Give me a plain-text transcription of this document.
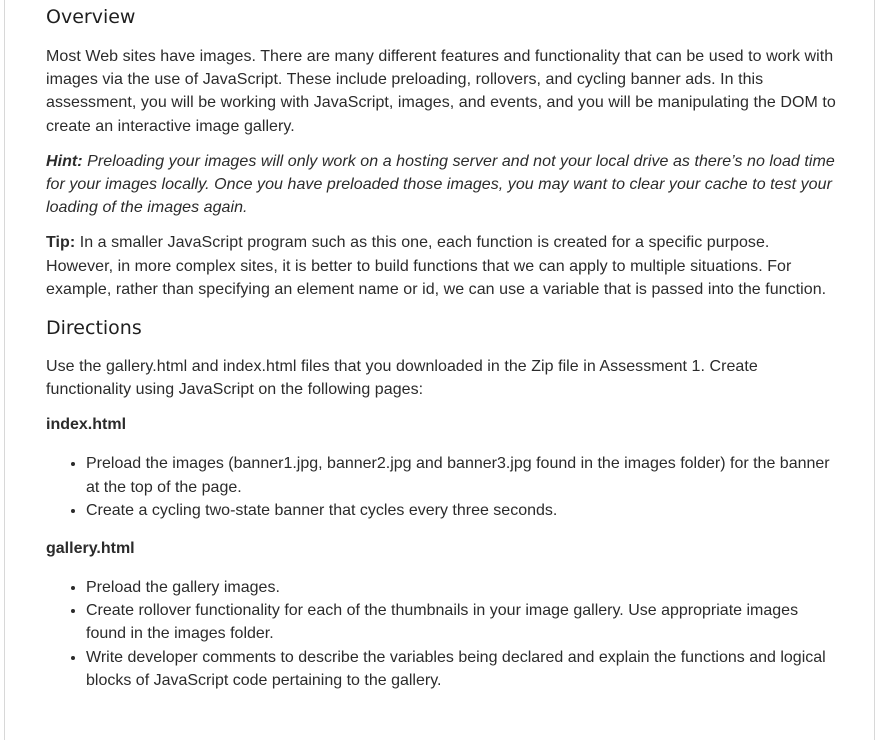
Overview

Most Web sites have images. There are many different features and functionality that can be used to work with images via the use of JavaScript. These include preloading, rollovers, and cycling banner ads. In this assessment, you will be working with JavaScript, images, and events, and you will be manipulating the DOM to create an interactive image gallery.

Hint: Preloading your images will only work on a hosting server and not your local drive as there’s no load time for your images locally. Once you have preloaded those images, you may want to clear your cache to test your loading of the images again.

Tip: In a smaller JavaScript program such as this one, each function is created for a specific purpose. However, in more complex sites, it is better to build functions that we can apply to multiple situations. For example, rather than specifying an element name or id, we can use a variable that is passed into the function.

Directions

Use the gallery.html and index.html files that you downloaded in the Zip file in Assessment 1. Create functionality using JavaScript on the following pages:

index.html
• Preload the images (banner1.jpg, banner2.jpg and banner3.jpg found in the images folder) for the banner at the top of the page.
• Create a cycling two-state banner that cycles every three seconds.
gallery.html
• Preload the gallery images.
• Create rollover functionality for each of the thumbnails in your image gallery. Use appropriate images found in the images folder.
• Write developer comments to describe the variables being declared and explain the functions and logical blocks of JavaScript code pertaining to the gallery.
